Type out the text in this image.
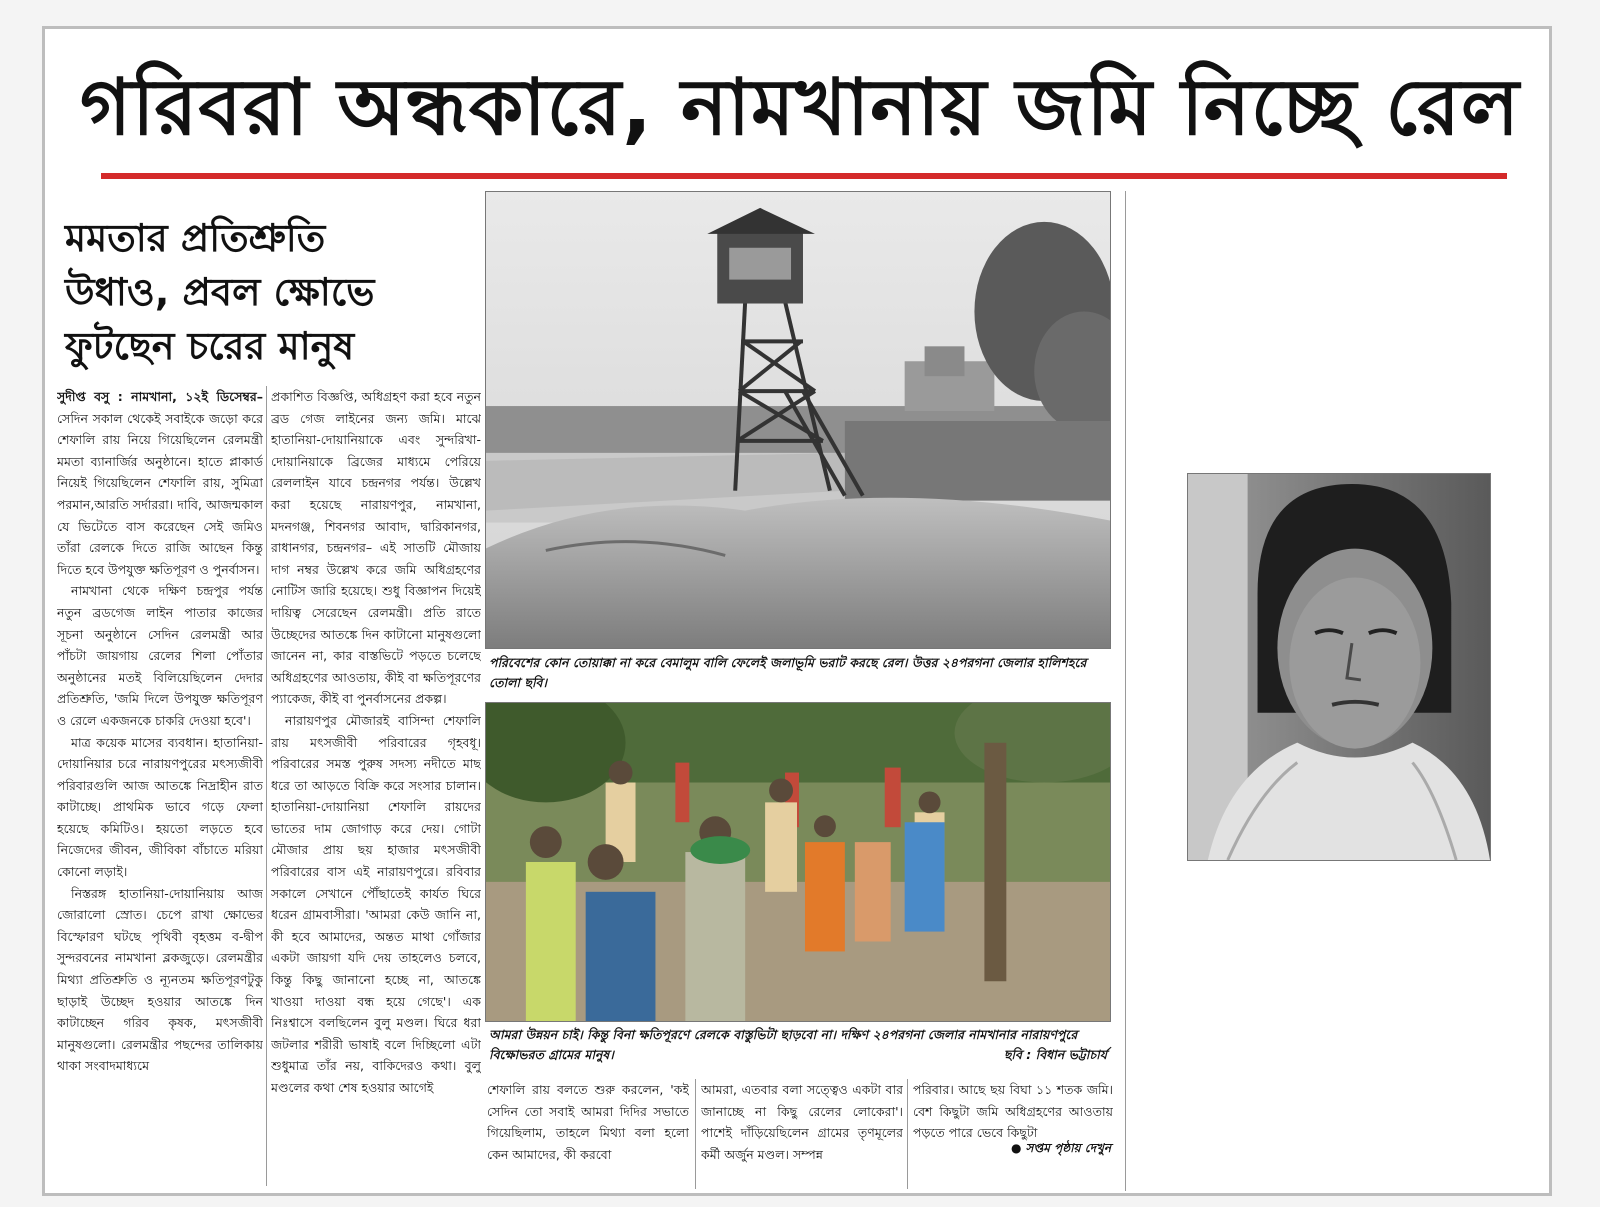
গরিবরা অন্ধকারে, নামখানায় জমি নিচ্ছে রেল
মমতার প্রতিশ্রুতি
উধাও, প্রবল ক্ষোভে
ফুটছেন চরের মানুষ

সুদীপ্ত বসু : নামখানা, ১২ই ডিসেম্বর– সেদিন সকাল থেকেই সবাইকে জড়ো করে শেফালি রায় নিয়ে গিয়েছিলেন রেলমন্ত্রী মমতা ব্যানার্জির অনুষ্ঠানে। হাতে প্লাকার্ড নিয়েই গিয়েছিলেন শেফালি রায়, সুমিত্রা পরমান,আরতি সর্দাররা। দাবি, আজন্মকাল যে ভিটেতে বাস করেছেন সেই জমিও তাঁরা রেলকে দিতে রাজি আছেন কিন্তু দিতে হবে উপযুক্ত ক্ষতিপূরণ ও পুনর্বাসন।

নামখানা থেকে দক্ষিণ চন্দ্রপুর পর্যন্ত নতুন ব্রডগেজ লাইন পাতার কাজের সূচনা অনুষ্ঠানে সেদিন রেলমন্ত্রী আর পাঁচটা জায়গায় রেলের শিলা পোঁতার অনুষ্ঠানের মতই বিলিয়েছিলেন দেদার প্রতিশ্রুতি, 'জমি দিলে উপযুক্ত ক্ষতিপূরণ ও রেলে একজনকে চাকরি দেওয়া হবে'।

মাত্র কয়েক মাসের ব্যবধান। হাতানিয়া-দোয়ানিয়ার চরে নারায়ণপুরের মৎস্যজীবী পরিবারগুলি আজ আতঙ্কে নিদ্রাহীন রাত কাটাচ্ছে। প্রাথমিক ভাবে গড়ে ফেলা হয়েছে কমিটিও। হয়তো লড়তে হবে নিজেদের জীবন, জীবিকা বাঁচাতে মরিয়া কোনো লড়াই।

নিস্তরঙ্গ হাতানিয়া-দোয়ানিয়ায় আজ জোরালো স্রোত। চেপে রাখা ক্ষোভের বিস্ফোরণ ঘটছে পৃথিবী বৃহত্তম ব-দ্বীপ সুন্দরবনের নামখানা ব্লকজুড়ে। রেলমন্ত্রীর মিথ্যা প্রতিশ্রুতি ও ন্যূনতম ক্ষতিপূরণটুকু ছাড়াই উচ্ছেদ হওয়ার আতঙ্কে দিন কাটাচ্ছেন গরিব কৃষক, মৎসজীবী মানুষগুলো। রেলমন্ত্রীর পছন্দের তালিকায় থাকা সংবাদমাধ্যমে

প্রকাশিত বিজ্ঞপ্তি, অধিগ্রহণ করা হবে নতুন ব্রড গেজ লাইনের জন্য জমি। মাঝে হাতানিয়া-দোয়ানিয়াকে এবং সুন্দরিখা-দোয়ানিয়াকে ব্রিজের মাধ্যমে পেরিয়ে রেললাইন যাবে চন্দ্রনগর পর্যন্ত। উল্লেখ করা হয়েছে নারায়ণপুর, নামখানা, মদনগঞ্জ, শিবনগর আবাদ, দ্বারিকানগর, রাধানগর, চন্দ্রনগর– এই সাতটি মৌজায় দাগ নম্বর উল্লেখ করে জমি অধিগ্রহণের নোটিস জারি হয়েছে। শুধু বিজ্ঞাপন দিয়েই দায়িত্ব সেরেছেন রেলমন্ত্রী। প্রতি রাতে উচ্ছেদের আতঙ্কে দিন কাটানো মানুষগুলো জানেন না, কার বাস্তভিটে পড়তে চলেছে অধিগ্রহণের আওতায়, কীই বা ক্ষতিপূরণের প্যাকেজ, কীই বা পুনর্বাসনের প্রকল্প।

নারায়ণপুর মৌজারই বাসিন্দা শেফালি রায় মৎসজীবী পরিবারের গৃহবধূ। পরিবারের সমস্ত পুরুষ সদস্য নদীতে মাছ ধরে তা আড়তে বিক্রি করে সংসার চালান। হাতানিয়া-দোয়ানিয়া শেফালি রায়দের ভাতের দাম জোগাড় করে দেয়। গোটা মৌজার প্রায় ছয় হাজার মৎসজীবী পরিবারের বাস এই নারায়ণপুরে। রবিবার সকালে সেখানে পৌঁছাতেই কার্যত ঘিরে ধরেন গ্রামবাসীরা। 'আমরা কেউ জানি না, কী হবে আমাদের, অন্তত মাথা গোঁজার একটা জায়গা যদি দেয় তাহলেও চলবে, কিন্তু কিছু জানানো হচ্ছে না, আতঙ্কে খাওয়া দাওয়া বন্ধ হয়ে গেছে'। এক নিঃশ্বাসে বলছিলেন বুলু মণ্ডল। ঘিরে ধরা জটলার শরীরী ভাষাই বলে দিচ্ছিলো এটা শুধুমাত্র তাঁর নয়, বাকিদেরও কথা। বুলু মণ্ডলের কথা শেষ হওয়ার আগেই

পরিবেশের কোন তোয়াক্কা না করে বেমালুম বালি ফেলেই জলাভূমি ভরাট করছে রেল। উত্তর ২৪পরগনা জেলার হালিশহরে তোলা ছবি।
আমরা উন্নয়ন চাই। কিন্তু বিনা ক্ষতিপূরণে রেলকে বাস্তুভিটা ছাড়বো না। দক্ষিণ ২৪পরগনা জেলার নামখানার নারায়ণপুরে বিক্ষোভরত গ্রামের মানুষ।	ছবি : বিধান ভট্টাচার্য

শেফালি রায় বলতে শুরু করলেন, 'কই সেদিন তো সবাই আমরা দিদির সভাতে গিয়েছিলাম, তাহলে মিথ্যা বলা হলো কেন আমাদের, কী করবো

আমরা, এতবার বলা সত্ত্বেও একটা বার জানাচ্ছে না কিছু রেলের লোকেরা'। পাশেই দাঁড়িয়েছিলেন গ্রামের তৃণমূলের কর্মী অর্জুন মণ্ডল। সম্পন্ন

পরিবার। আছে ছয় বিঘা ১১ শতক জমি। বেশ কিছুটা জমি অধিগ্রহণের আওতায় পড়তে পারে ভেবে কিছুটা

● সপ্তম পৃষ্ঠায় দেখুন
